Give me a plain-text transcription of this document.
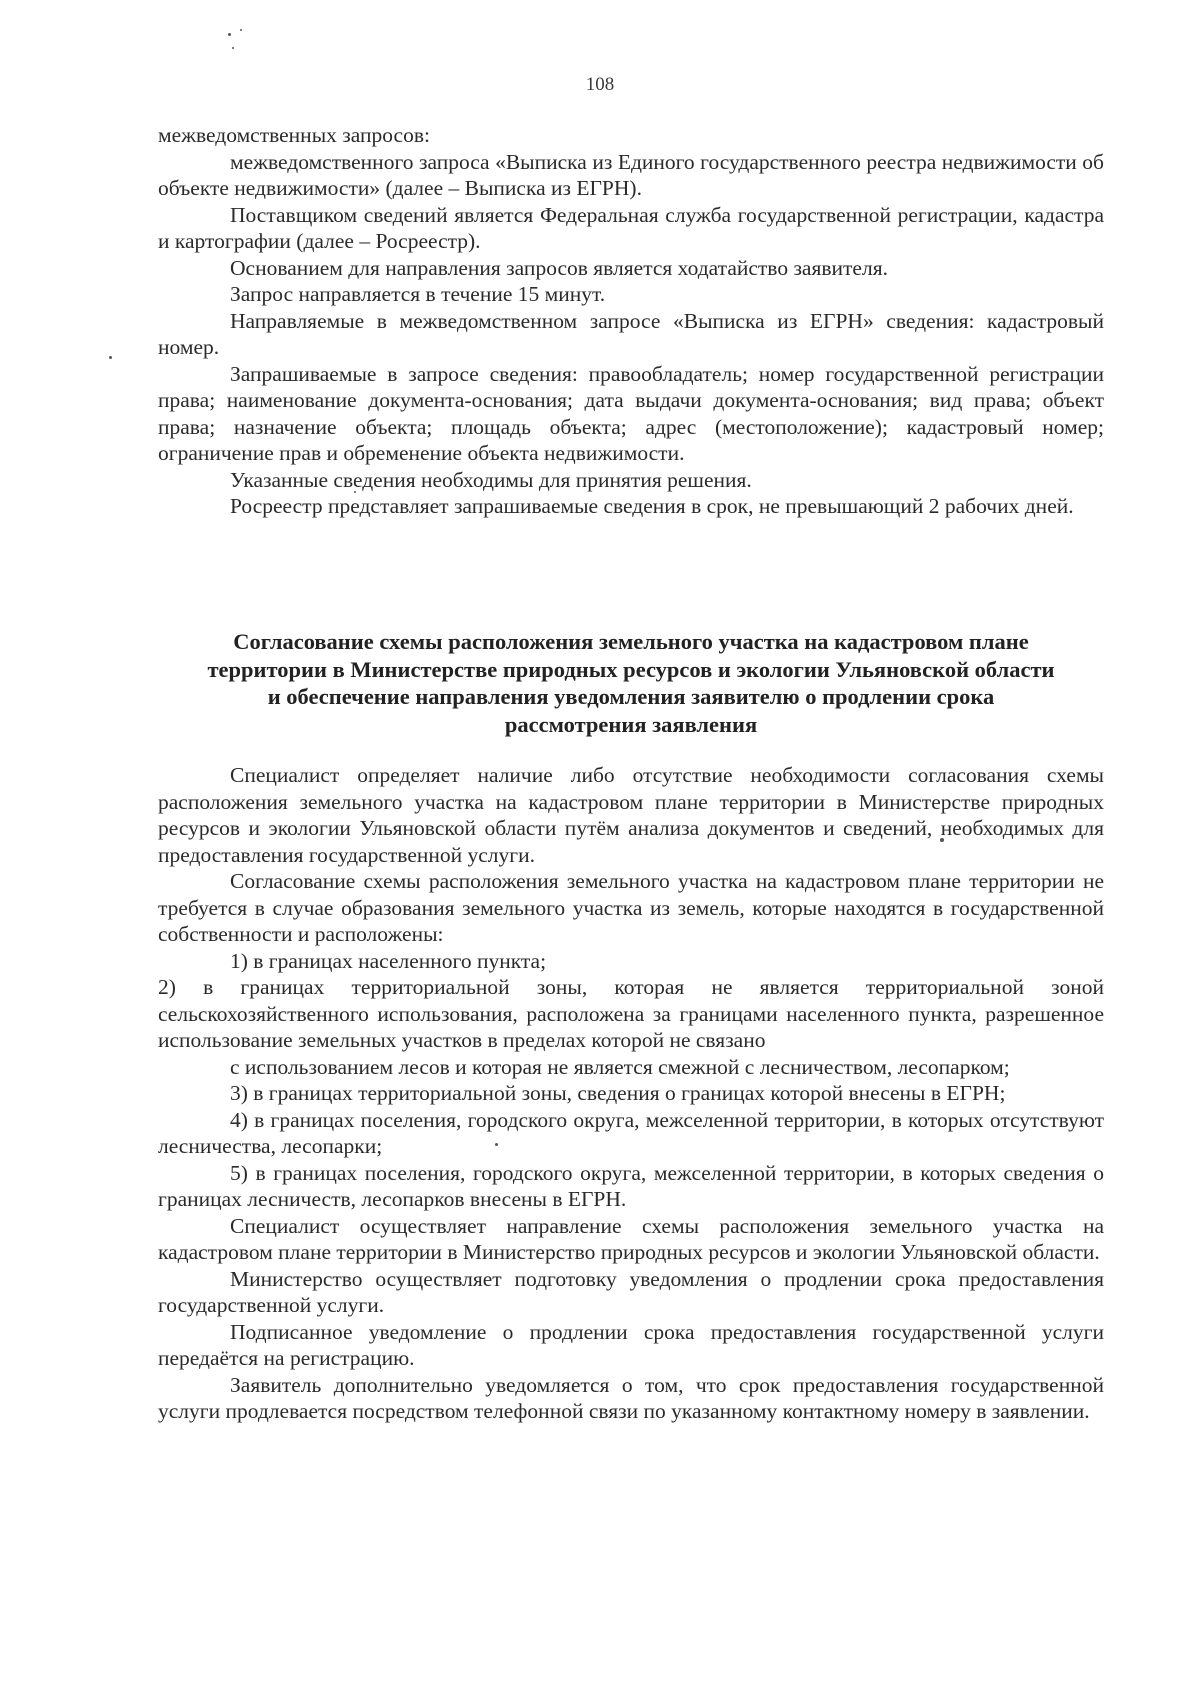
108

межведомственных запросов:

межведомственного запроса «Выписка из Единого государственного реестра недвижимости об объекте недвижимости» (далее – Выписка из ЕГРН).

Поставщиком сведений является Федеральная служба государственной регистрации, кадастра и картографии (далее – Росреестр).

Основанием для направления запросов является ходатайство заявителя.

Запрос направляется в течение 15 минут.

Направляемые в межведомственном запросе «Выписка из ЕГРН» сведения: кадастровый номер.

Запрашиваемые в запросе сведения: правообладатель; номер государственной регистрации права; наименование документа-основания; дата выдачи документа-основания; вид права; объект права; назначение объекта; площадь объекта; адрес (местоположение); кадастровый номер; ограничение прав и обременение объекта недвижимости.

Указанные сведения необходимы для принятия решения.

Росреестр представляет запрашиваемые сведения в срок, не превышающий 2 рабочих дней.

Согласование схемы расположения земельного участка на кадастровом плане
территории в Министерстве природных ресурсов и экологии Ульяновской области
и обеспечение направления уведомления заявителю о продлении срока
рассмотрения заявления

Специалист определяет наличие либо отсутствие необходимости согласования схемы расположения земельного участка на кадастровом плане территории в Министерстве природных ресурсов и экологии Ульяновской области путём анализа документов и сведений, необходимых для предоставления государственной услуги.

Согласование схемы расположения земельного участка на кадастровом плане территории не требуется в случае образования земельного участка из земель, которые находятся в государственной собственности и расположены:

1) в границах населенного пункта;

2) в границах территориальной зоны, которая не является территориальной зоной сельскохозяйственного использования, расположена за границами населенного пункта, разрешенное использование земельных участков в пределах которой не связано

с использованием лесов и которая не является смежной с лесничеством, лесопарком;

3) в границах территориальной зоны, сведения о границах которой внесены в ЕГРН;

4) в границах поселения, городского округа, межселенной территории, в которых отсутствуют лесничества, лесопарки;

5) в границах поселения, городского округа, межселенной территории, в которых сведения о границах лесничеств, лесопарков внесены в ЕГРН.

Специалист осуществляет направление схемы расположения земельного участка на кадастровом плане территории в Министерство природных ресурсов и экологии Ульяновской области.

Министерство осуществляет подготовку уведомления о продлении срока предоставления государственной услуги.

Подписанное уведомление о продлении срока предоставления государственной услуги передаётся на регистрацию.

Заявитель дополнительно уведомляется о том, что срок предоставления государственной услуги продлевается посредством телефонной связи по указанному контактному номеру в заявлении.
